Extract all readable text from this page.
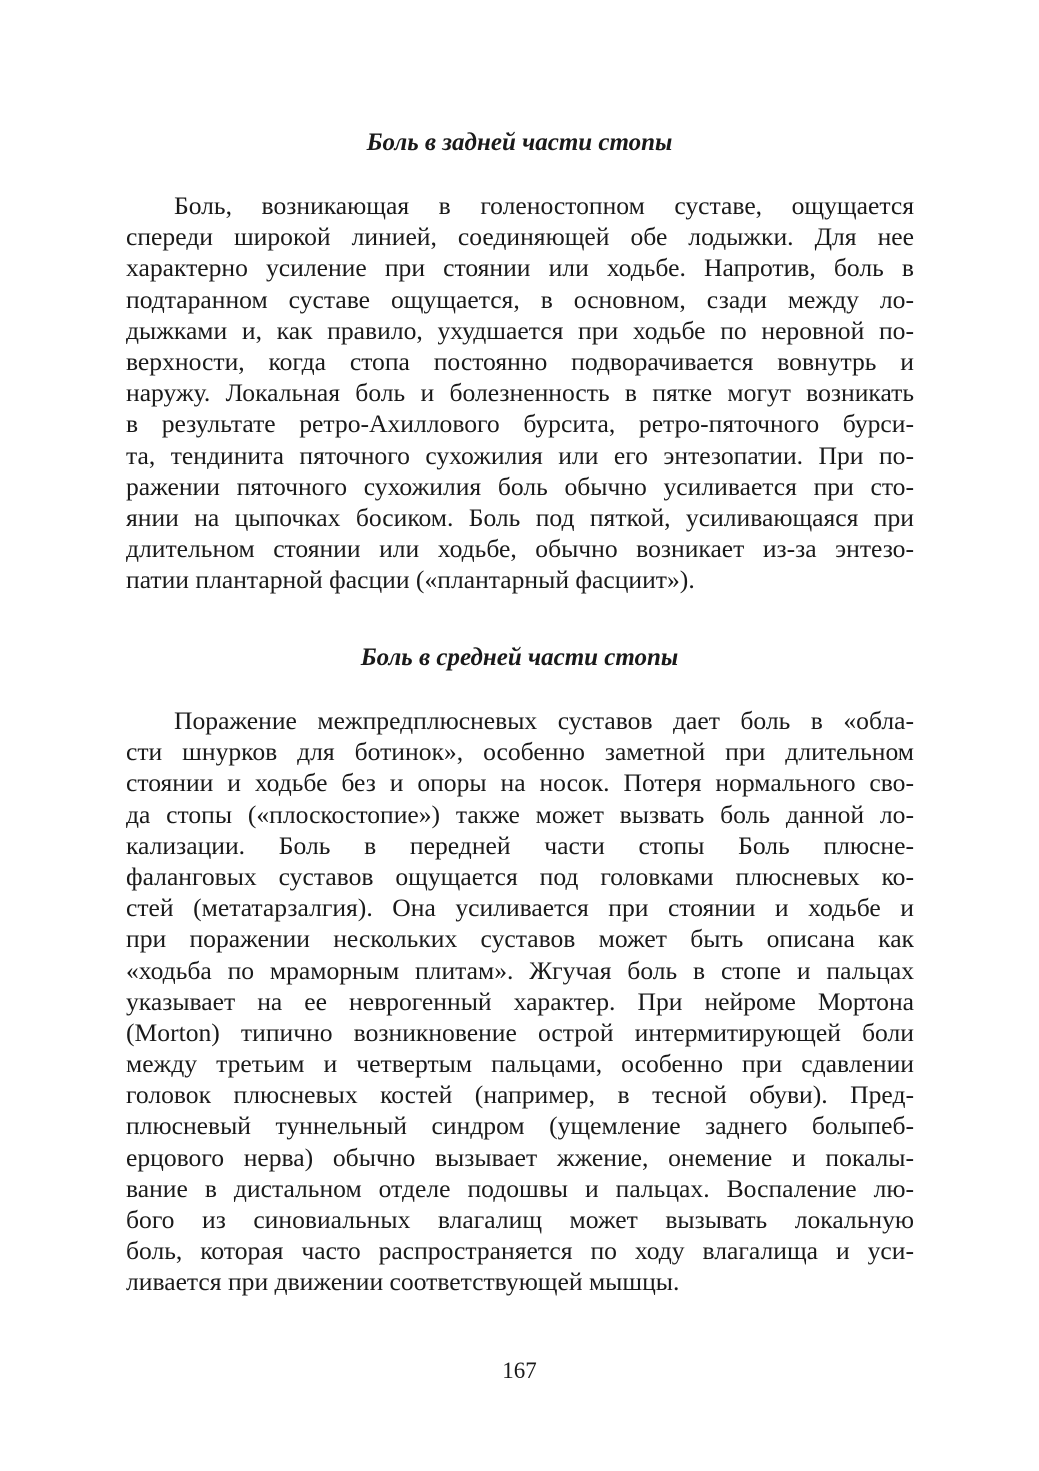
Боль в задней части стопы
Боль, возникающая в голеностопном суставе, ощущается
спереди широкой линией, соединяющей обе лодыжки. Для нее
характерно усиление при стоянии или ходьбе. Напротив, боль в
подтаранном суставе ощущается, в основном, сзади между ло-
дыжками и, как правило, ухудшается при ходьбе по неровной по-
верхности, когда стопа постоянно подворачивается вовнутрь и
наружу. Локальная боль и болезненность в пятке могут возникать
в результате ретро-Ахиллового бурсита, ретро-пяточного бурси-
та, тендинита пяточного сухожилия или его энтезопатии. При по-
ражении пяточного сухожилия боль обычно усиливается при сто-
янии на цыпочках босиком. Боль под пяткой, усиливающаяся при
длительном стоянии или ходьбе, обычно возникает из-за энтезо-
патии плантарной фасции («плантарный фасциит»).
Боль в средней части стопы
Поражение межпредплюсневых суставов дает боль в «обла-
сти шнурков для ботинок», особенно заметной при длительном
стоянии и ходьбе без и опоры на носок. Потеря нормального сво-
да стопы («плоскостопие») также может вызвать боль данной ло-
кализации. Боль в передней части стопы Боль плюсне-
фаланговых суставов ощущается под головками плюсневых ко-
стей (метатарзалгия). Она усиливается при стоянии и ходьбе и
при поражении нескольких суставов может быть описана как
«ходьба по мраморным плитам». Жгучая боль в стопе и пальцах
указывает на ее неврогенный характер. При нейроме Мортона
(Morton) типично возникновение острой интермитирующей боли
между третьим и четвертым пальцами, особенно при сдавлении
головок плюсневых костей (например, в тесной обуви). Пред-
плюсневый туннельный синдром (ущемление заднего болыпеб-
ерцового нерва) обычно вызывает жжение, онемение и покалы-
вание в дистальном отделе подошвы и пальцах. Воспаление лю-
бого из синовиальных влагалищ может вызывать локальную
боль, которая часто распространяется по ходу влагалища и уси-
ливается при движении соответствующей мышцы.
167
